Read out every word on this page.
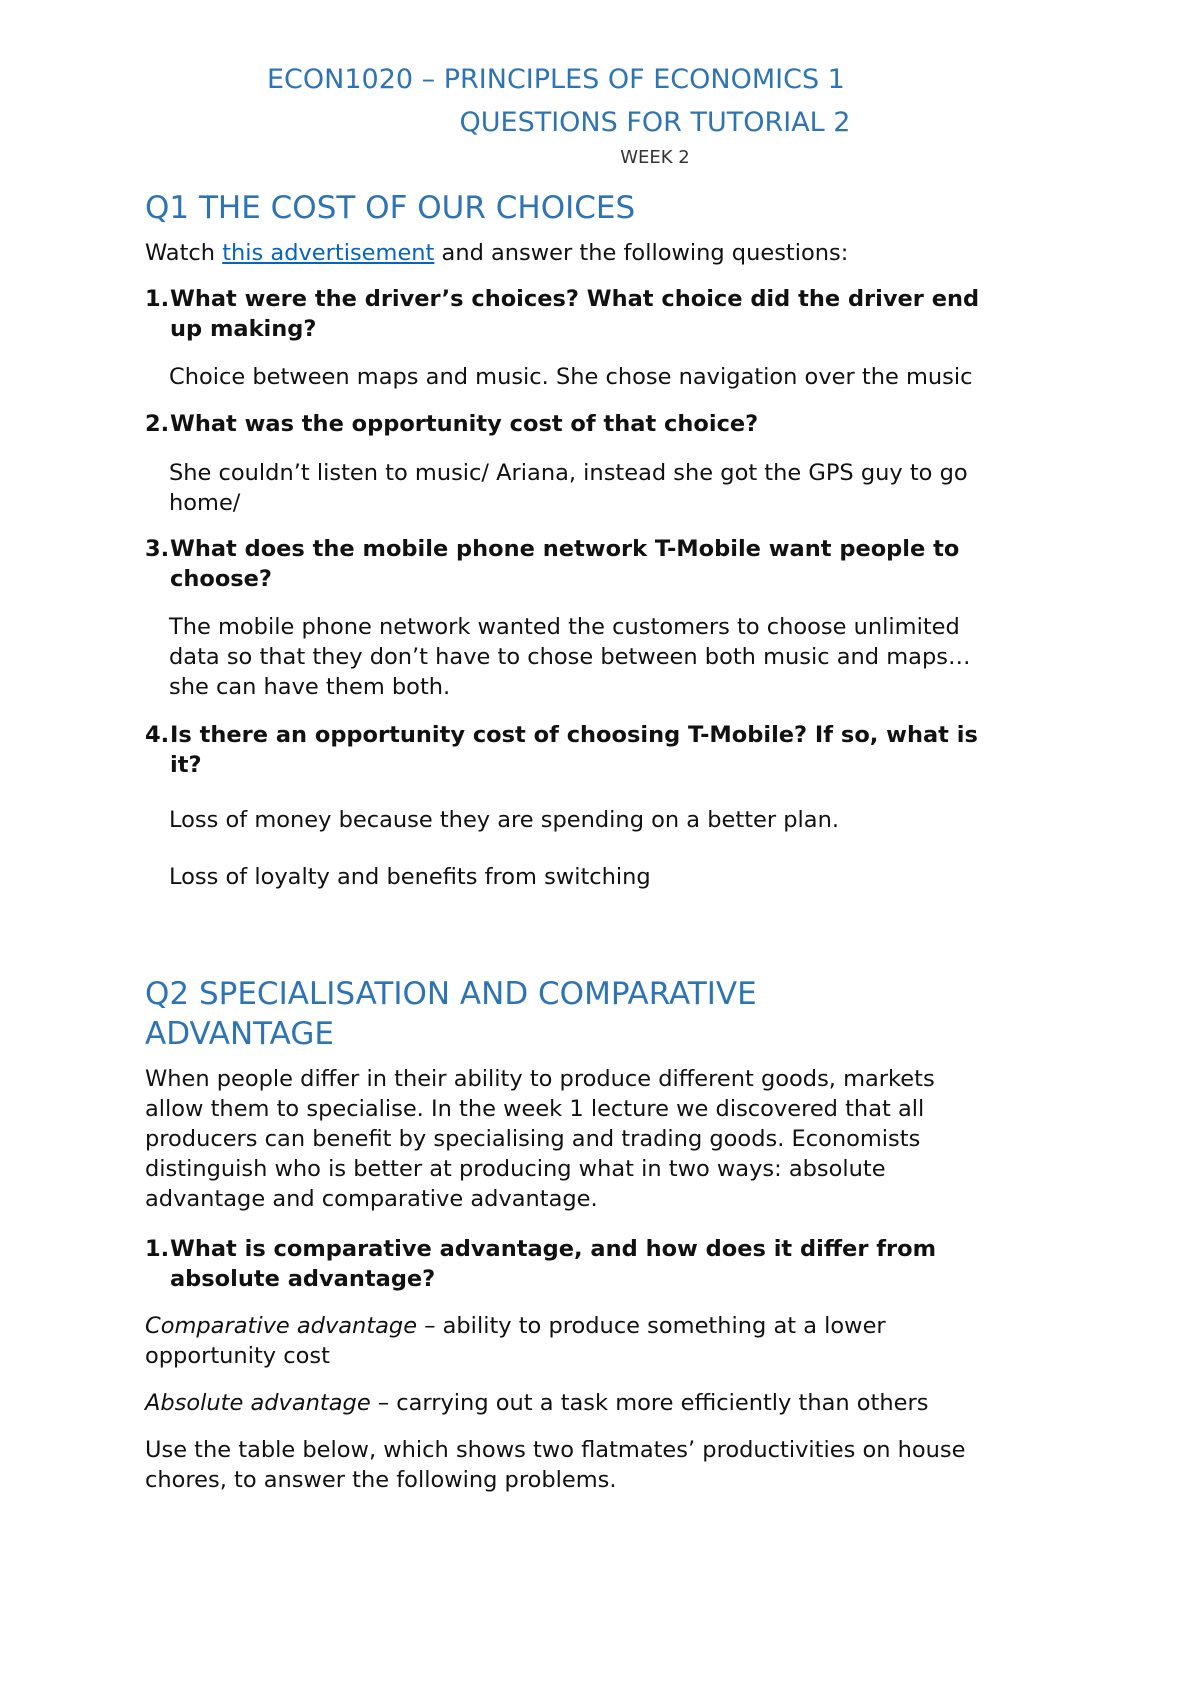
ECON1020 – PRINCIPLES OF ECONOMICS 1
QUESTIONS FOR TUTORIAL 2
WEEK 2
Q1 THE COST OF OUR CHOICES
Watch this advertisement and answer the following questions:
1.What were the driver’s choices? What choice did the driver end
up making?
Choice between maps and music. She chose navigation over the music
2.What was the opportunity cost of that choice?
She couldn’t listen to music/ Ariana, instead she got the GPS guy to go
home/
3.What does the mobile phone network T-Mobile want people to
choose?
The mobile phone network wanted the customers to choose unlimited
data so that they don’t have to chose between both music and maps…
she can have them both.
4.Is there an opportunity cost of choosing T-Mobile? If so, what is
it?
Loss of money because they are spending on a better plan.
Loss of loyalty and benefits from switching
Q2 SPECIALISATION AND COMPARATIVE
ADVANTAGE
When people differ in their ability to produce different goods, markets
allow them to specialise. In the week 1 lecture we discovered that all
producers can benefit by specialising and trading goods. Economists
distinguish who is better at producing what in two ways: absolute
advantage and comparative advantage.
1.What is comparative advantage, and how does it differ from
absolute advantage?
Comparative advantage – ability to produce something at a lower
opportunity cost
Absolute advantage – carrying out a task more efficiently than others
Use the table below, which shows two flatmates’ productivities on house
chores, to answer the following problems.
